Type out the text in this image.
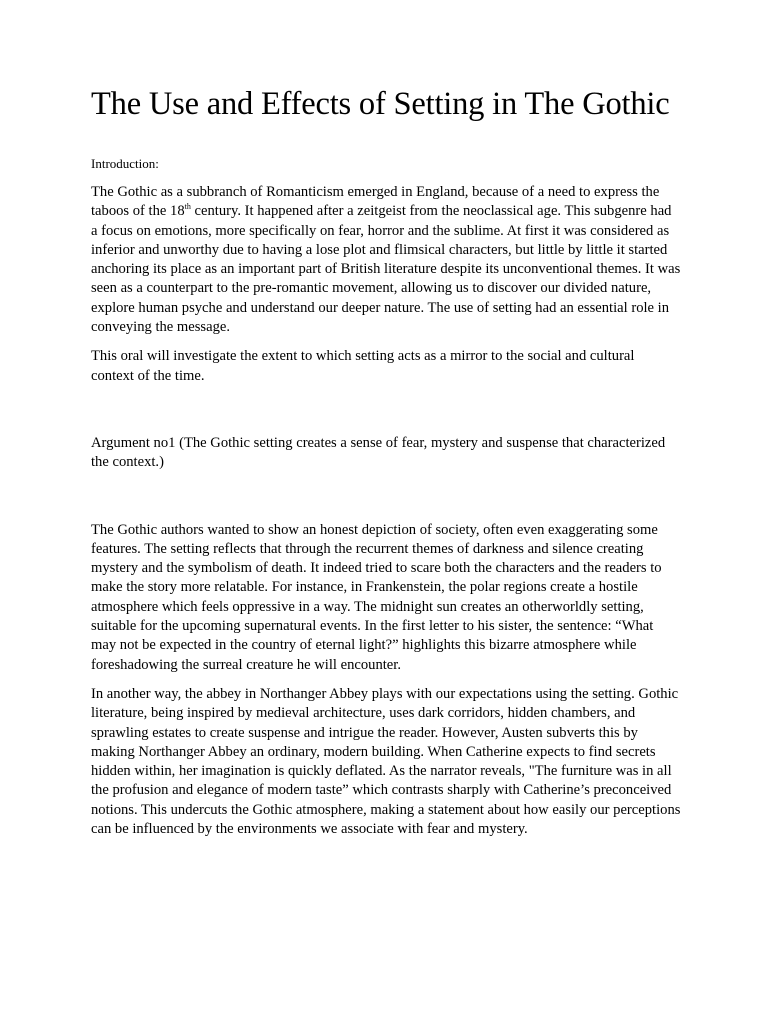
The Use and Effects of Setting in The Gothic

Introduction:

The Gothic as a subbranch of Romanticism emerged in England, because of a need to express the taboos of the 18th century. It happened after a zeitgeist from the neoclassical age. This subgenre had a focus on emotions, more specifically on fear, horror and the sublime. At first it was considered as inferior and unworthy due to having a lose plot and flimsical characters, but little by little it started anchoring its place as an important part of British literature despite its unconventional themes. It was seen as a counterpart to the pre-romantic movement, allowing us to discover our divided nature, explore human psyche and understand our deeper nature. The use of setting had an essential role in conveying the message.

This oral will investigate the extent to which setting acts as a mirror to the social and cultural context of the time.

Argument no1 (The Gothic setting creates a sense of fear, mystery and suspense that characterized the context.)

The Gothic authors wanted to show an honest depiction of society, often even exaggerating some features. The setting reflects that through the recurrent themes of darkness and silence creating mystery and the symbolism of death. It indeed tried to scare both the characters and the readers to make the story more relatable. For instance, in Frankenstein, the polar regions create a hostile atmosphere which feels oppressive in a way. The midnight sun creates an otherworldly setting, suitable for the upcoming supernatural events. In the first letter to his sister, the sentence: “What may not be expected in the country of eternal light?” highlights this bizarre atmosphere while foreshadowing the surreal creature he will encounter.

In another way, the abbey in Northanger Abbey plays with our expectations using the setting. Gothic literature, being inspired by medieval architecture, uses dark corridors, hidden chambers, and sprawling estates to create suspense and intrigue the reader. However, Austen subverts this by making Northanger Abbey an ordinary, modern building. When Catherine expects to find secrets hidden within, her imagination is quickly deflated. As the narrator reveals, "The furniture was in all the profusion and elegance of modern taste” which contrasts sharply with Catherine’s preconceived notions. This undercuts the Gothic atmosphere, making a statement about how easily our perceptions can be influenced by the environments we associate with fear and mystery.
